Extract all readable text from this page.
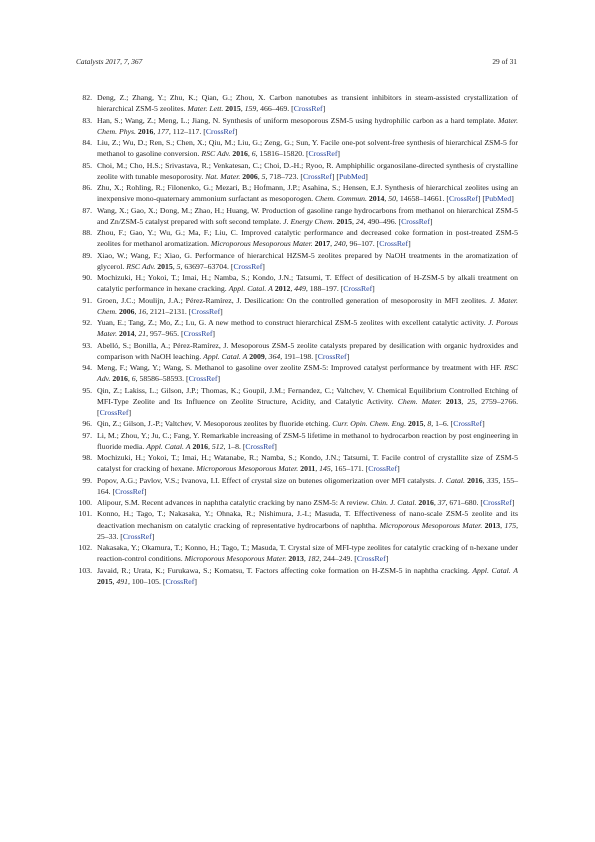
Catalysts 2017, 7, 367	29 of 31
82. Deng, Z.; Zhang, Y.; Zhu, K.; Qian, G.; Zhou, X. Carbon nanotubes as transient inhibitors in steam-assisted crystallization of hierarchical ZSM-5 zeolites. Mater. Lett. 2015, 159, 466–469. [CrossRef]
83. Han, S.; Wang, Z.; Meng, L.; Jiang, N. Synthesis of uniform mesoporous ZSM-5 using hydrophilic carbon as a hard template. Mater. Chem. Phys. 2016, 177, 112–117. [CrossRef]
84. Liu, Z.; Wu, D.; Ren, S.; Chen, X.; Qiu, M.; Liu, G.; Zeng, G.; Sun, Y. Facile one-pot solvent-free synthesis of hierarchical ZSM-5 for methanol to gasoline conversion. RSC Adv. 2016, 6, 15816–15820. [CrossRef]
85. Choi, M.; Cho, H.S.; Srivastava, R.; Venkatesan, C.; Choi, D.-H.; Ryoo, R. Amphiphilic organosilane-directed synthesis of crystalline zeolite with tunable mesoporosity. Nat. Mater. 2006, 5, 718–723. [CrossRef] [PubMed]
86. Zhu, X.; Rohling, R.; Filonenko, G.; Mezari, B.; Hofmann, J.P.; Asahina, S.; Hensen, E.J. Synthesis of hierarchical zeolites using an inexpensive mono-quaternary ammonium surfactant as mesoporogen. Chem. Commun. 2014, 50, 14658–14661. [CrossRef] [PubMed]
87. Wang, X.; Gao, X.; Dong, M.; Zhao, H.; Huang, W. Production of gasoline range hydrocarbons from methanol on hierarchical ZSM-5 and Zn/ZSM-5 catalyst prepared with soft second template. J. Energy Chem. 2015, 24, 490–496. [CrossRef]
88. Zhou, F.; Gao, Y.; Wu, G.; Ma, F.; Liu, C. Improved catalytic performance and decreased coke formation in post-treated ZSM-5 zeolites for methanol aromatization. Microporous Mesoporous Mater. 2017, 240, 96–107. [CrossRef]
89. Xiao, W.; Wang, F.; Xiao, G. Performance of hierarchical HZSM-5 zeolites prepared by NaOH treatments in the aromatization of glycerol. RSC Adv. 2015, 5, 63697–63704. [CrossRef]
90. Mochizuki, H.; Yokoi, T.; Imai, H.; Namba, S.; Kondo, J.N.; Tatsumi, T. Effect of desilication of H-ZSM-5 by alkali treatment on catalytic performance in hexane cracking. Appl. Catal. A 2012, 449, 188–197. [CrossRef]
91. Groen, J.C.; Moulijn, J.A.; Pérez-Ramírez, J. Desilication: On the controlled generation of mesoporosity in MFI zeolites. J. Mater. Chem. 2006, 16, 2121–2131. [CrossRef]
92. Yuan, E.; Tang, Z.; Mo, Z.; Lu, G. A new method to construct hierarchical ZSM-5 zeolites with excellent catalytic activity. J. Porous Mater. 2014, 21, 957–965. [CrossRef]
93. Abelló, S.; Bonilla, A.; Pérez-Ramírez, J. Mesoporous ZSM-5 zeolite catalysts prepared by desilication with organic hydroxides and comparison with NaOH leaching. Appl. Catal. A 2009, 364, 191–198. [CrossRef]
94. Meng, F.; Wang, Y.; Wang, S. Methanol to gasoline over zeolite ZSM-5: Improved catalyst performance by treatment with HF. RSC Adv. 2016, 6, 58586–58593. [CrossRef]
95. Qin, Z.; Lakiss, L.; Gilson, J.P.; Thomas, K.; Goupil, J.M.; Fernandez, C.; Valtchev, V. Chemical Equilibrium Controlled Etching of MFI-Type Zeolite and Its Influence on Zeolite Structure, Acidity, and Catalytic Activity. Chem. Mater. 2013, 25, 2759–2766. [CrossRef]
96. Qin, Z.; Gilson, J.-P.; Valtchev, V. Mesoporous zeolites by fluoride etching. Curr. Opin. Chem. Eng. 2015, 8, 1–6. [CrossRef]
97. Li, M.; Zhou, Y.; Ju, C.; Fang, Y. Remarkable increasing of ZSM-5 lifetime in methanol to hydrocarbon reaction by post engineering in fluoride media. Appl. Catal. A 2016, 512, 1–8. [CrossRef]
98. Mochizuki, H.; Yokoi, T.; Imai, H.; Watanabe, R.; Namba, S.; Kondo, J.N.; Tatsumi, T. Facile control of crystallite size of ZSM-5 catalyst for cracking of hexane. Microporous Mesoporous Mater. 2011, 145, 165–171. [CrossRef]
99. Popov, A.G.; Pavlov, V.S.; Ivanova, I.I. Effect of crystal size on butenes oligomerization over MFI catalysts. J. Catal. 2016, 335, 155–164. [CrossRef]
100. Alipour, S.M. Recent advances in naphtha catalytic cracking by nano ZSM-5: A review. Chin. J. Catal. 2016, 37, 671–680. [CrossRef]
101. Konno, H.; Tago, T.; Nakasaka, Y.; Ohnaka, R.; Nishimura, J.-I.; Masuda, T. Effectiveness of nano-scale ZSM-5 zeolite and its deactivation mechanism on catalytic cracking of representative hydrocarbons of naphtha. Microporous Mesoporous Mater. 2013, 175, 25–33. [CrossRef]
102. Nakasaka, Y.; Okamura, T.; Konno, H.; Tago, T.; Masuda, T. Crystal size of MFI-type zeolites for catalytic cracking of n-hexane under reaction-control conditions. Microporous Mesoporous Mater. 2013, 182, 244–249. [CrossRef]
103. Javaid, R.; Urata, K.; Furukawa, S.; Komatsu, T. Factors affecting coke formation on H-ZSM-5 in naphtha cracking. Appl. Catal. A 2015, 491, 100–105. [CrossRef]
